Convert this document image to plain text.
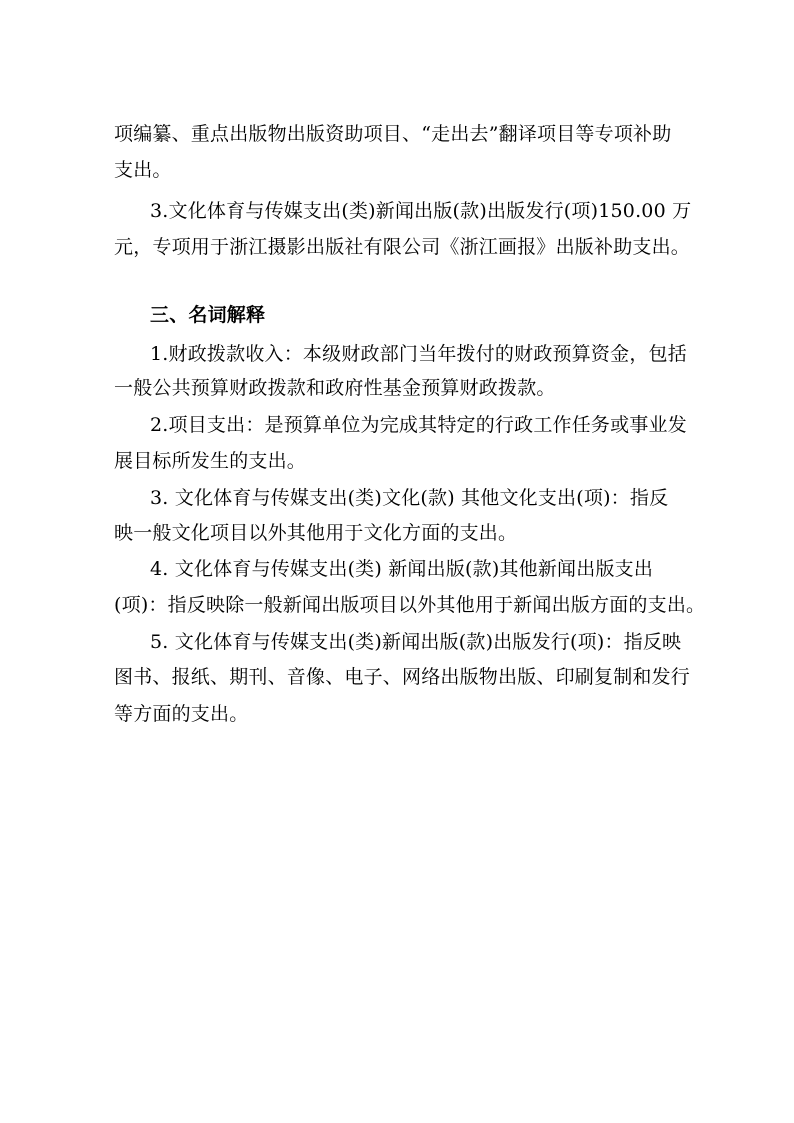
项编纂、重点出版物出版资助项目、“走出去”翻译项目等专项补助
支出。
3.文化体育与传媒支出(类)新闻出版(款)出版发行(项)150.00 万
元，专项用于浙江摄影出版社有限公司《浙江画报》出版补助支出。
三、名词解释
1.财政拨款收入：本级财政部门当年拨付的财政预算资金，包括
一般公共预算财政拨款和政府性基金预算财政拨款。
2.项目支出：是预算单位为完成其特定的行政工作任务或事业发
展目标所发生的支出。
3. 文化体育与传媒支出(类)文化(款) 其他文化支出(项)：指反
映一般文化项目以外其他用于文化方面的支出。
4. 文化体育与传媒支出(类) 新闻出版(款)其他新闻出版支出
(项)：指反映除一般新闻出版项目以外其他用于新闻出版方面的支出。
5. 文化体育与传媒支出(类)新闻出版(款)出版发行(项)：指反映
图书、报纸、期刊、音像、电子、网络出版物出版、印刷复制和发行
等方面的支出。
